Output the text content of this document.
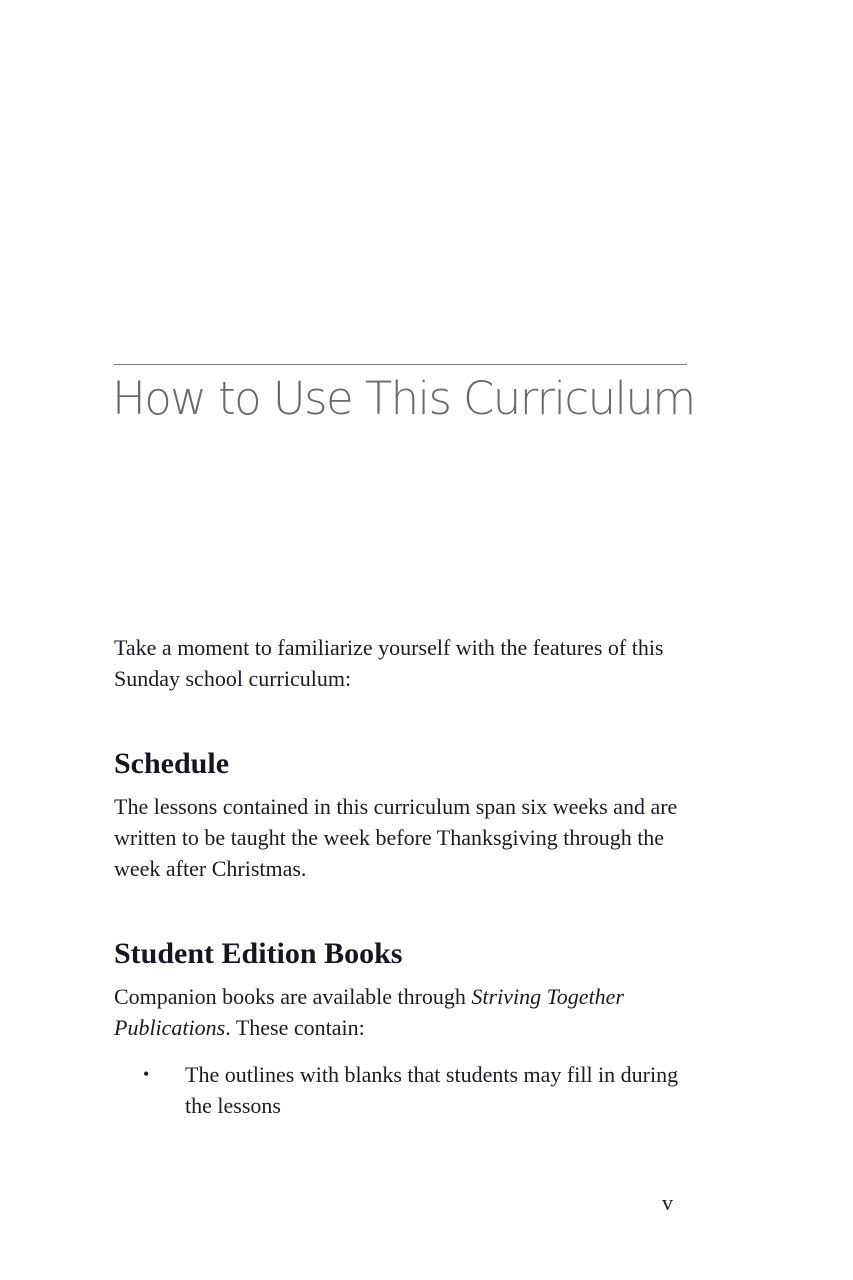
How to Use This Curriculum

Take a moment to familiarize yourself with the features of this Sunday school curriculum:

Schedule

The lessons contained in this curriculum span six weeks and are written to be taught the week before Thanksgiving through the week after Christmas.

Student Edition Books

Companion books are available through Striving Together Publications. These contain:

• The outlines with blanks that students may fill in during the lessons

v
